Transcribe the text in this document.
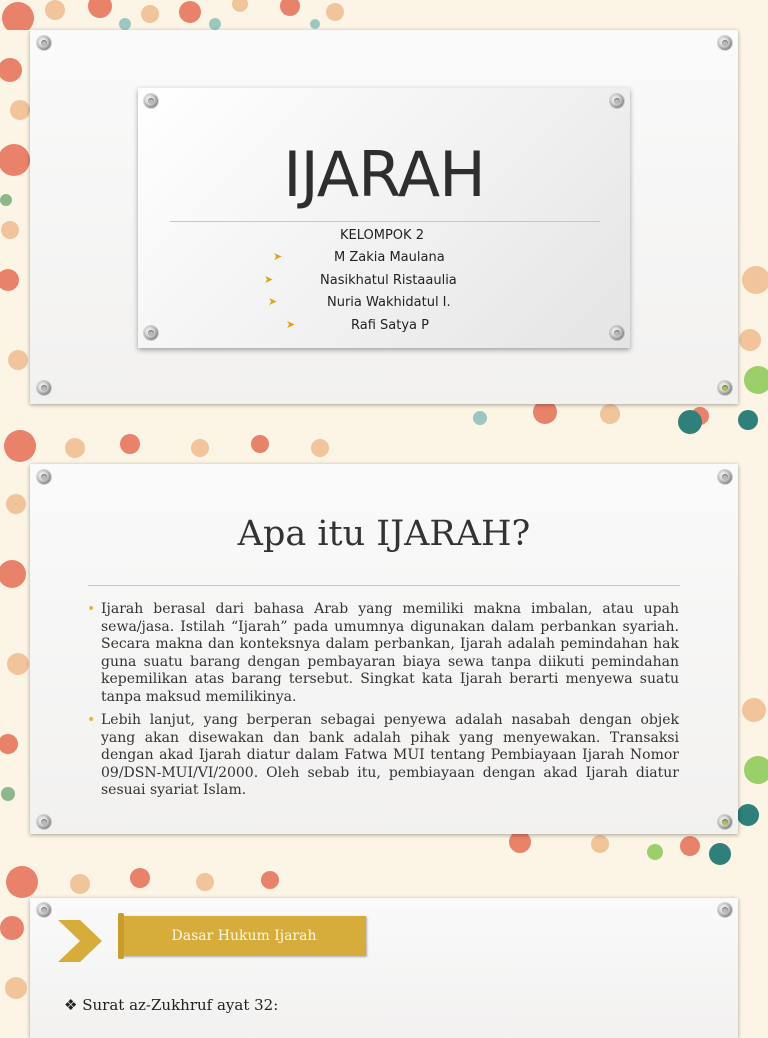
IJARAH
KELOMPOK 2
➤	M Zakia Maulana
➤	Nasikhatul Ristaaulia
➤	Nuria Wakhidatul I.
➤	Rafi Satya P
Apa itu IJARAH?
• Ijarah berasal dari bahasa Arab yang memiliki makna imbalan, atau upah sewa/jasa. Istilah “Ijarah” pada umumnya digunakan dalam perbankan syariah. Secara makna dan konteksnya dalam perbankan, Ijarah adalah pemindahan hak guna suatu barang dengan pembayaran biaya sewa tanpa diikuti pemindahan kepemilikan atas barang tersebut. Singkat kata Ijarah berarti menyewa suatu tanpa maksud memilikinya.
• Lebih lanjut, yang berperan sebagai penyewa adalah nasabah dengan objek yang akan disewakan dan bank adalah pihak yang menyewakan. Transaksi dengan akad Ijarah diatur dalam Fatwa MUI tentang Pembiayaan Ijarah Nomor 09/DSN-MUI/VI/2000. Oleh sebab itu, pembiayaan dengan akad Ijarah diatur sesuai syariat Islam.
Dasar Hukum Ijarah
❖ Surat az-Zukhruf ayat 32:
